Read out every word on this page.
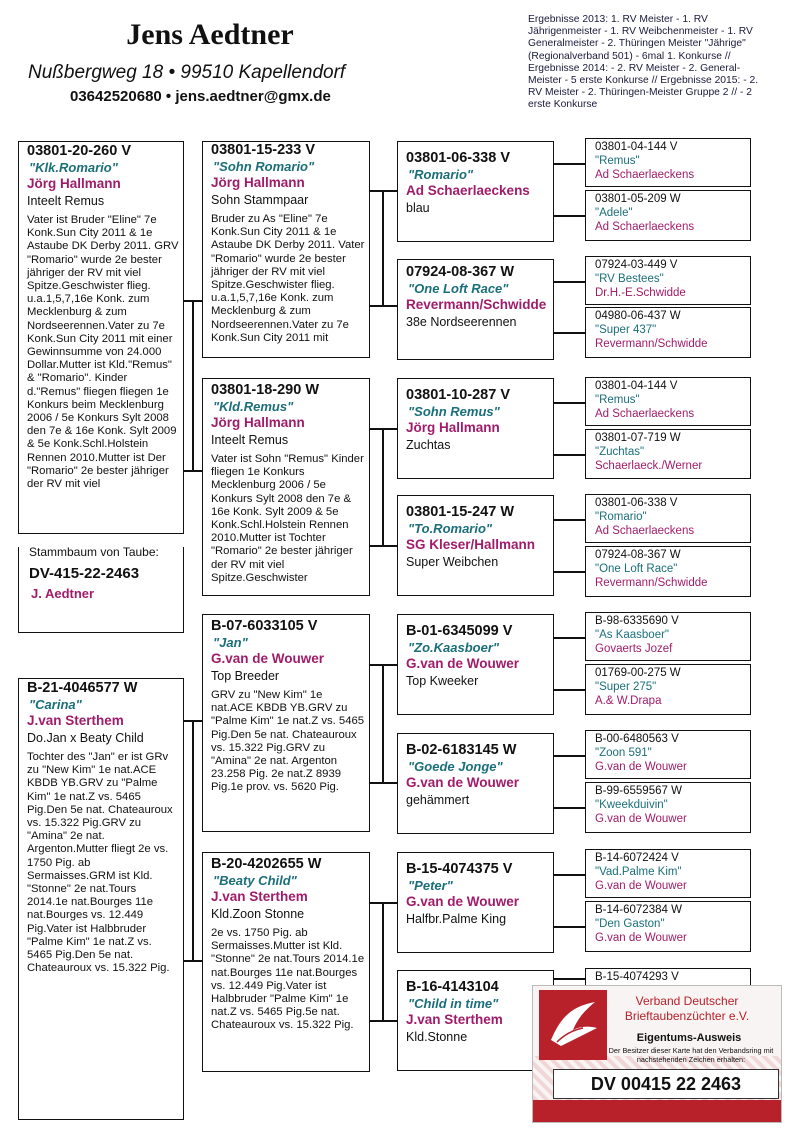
Jens Aedtner
Nußbergweg 18 • 99510 Kapellendorf
03642520680 • jens.aedtner@gmx.de
Ergebnisse 2013: 1. RV Meister - 1. RV Jährigenmeister - 1. RV Weibchenmeister - 1. RV Generalmeister - 2. Thüringen Meister "Jährige" (Regionalverband 501) - 6mal 1. Konkurse // Ergebnisse 2014: - 2. RV Meister - 2. General-Meister - 5 erste Konkurse // Ergebnisse 2015: - 2. RV Meister - 2. Thüringen-Meister Gruppe 2 // - 2 erste Konkurse
03801-20-260 V
"Klk.Romario"
Jörg Hallmann
Inteelt Remus
Vater ist Bruder "Eline" 7e Konk.Sun City 2011 & 1e Astaube DK Derby 2011. GRV "Romario" wurde 2e bester jähriger der RV mit viel Spitze.Geschwister flieg. u.a.1,5,7,16e Konk. zum Mecklenburg & zum Nordseerennen.Vater zu 7e Konk.Sun City 2011 mit einer Gewinnsumme von 24.000 Dollar.Mutter ist Kld."Remus" & "Romario". Kinder d."Remus" fliegen fliegen 1e Konkurs beim Mecklenburg 2006 / 5e Konkurs Sylt 2008 den 7e & 16e Konk. Sylt 2009 & 5e Konk.Schl.Holstein Rennen 2010.Mutter ist Der "Romario" 2e bester jähriger der RV mit viel
Stammbaum von Taube:
DV-415-22-2463
J. Aedtner
B-21-4046577 W
"Carina"
J.van Sterthem
Do.Jan x Beaty Child
Tochter des "Jan" er ist GRv zu "New Kim" 1e nat.ACE KBDB YB.GRV zu "Palme Kim" 1e nat.Z vs. 5465 Pig.Den 5e nat. Chateauroux vs. 15.322 Pig.GRV zu "Amina" 2e nat. Argenton.Mutter fliegt 2e vs. 1750 Pig. ab Sermaisses.GRM ist Kld. "Stonne" 2e nat.Tours 2014.1e nat.Bourges 11e nat.Bourges vs. 12.449 Pig.Vater ist Halbbruder "Palme Kim" 1e nat.Z vs. 5465 Pig.Den 5e nat. Chateauroux vs. 15.322 Pig.
03801-15-233 V
"Sohn Romario"
Jörg Hallmann
Sohn Stammpaar
Bruder zu As "Eline" 7e Konk.Sun City 2011 & 1e Astaube DK Derby 2011. Vater "Romario" wurde 2e bester jähriger der RV mit viel Spitze.Geschwister flieg. u.a.1,5,7,16e Konk. zum Mecklenburg & zum Nordseerennen.Vater zu 7e Konk.Sun City 2011 mit
03801-18-290 W
"Kld.Remus"
Jörg Hallmann
Inteelt Remus
Vater ist Sohn "Remus" Kinder fliegen 1e Konkurs Mecklenburg 2006 / 5e Konkurs Sylt 2008 den 7e & 16e Konk. Sylt 2009 & 5e Konk.Schl.Holstein Rennen 2010.Mutter ist Tochter "Romario" 2e bester jähriger der RV mit viel Spitze.Geschwister
B-07-6033105 V
"Jan"
G.van de Wouwer
Top Breeder
GRV zu "New Kim" 1e nat.ACE KBDB YB.GRV zu "Palme Kim" 1e nat.Z vs. 5465 Pig.Den 5e nat. Chateauroux vs. 15.322 Pig.GRV zu "Amina" 2e nat. Argenton 23.258 Pig. 2e nat.Z 8939 Pig.1e prov. vs. 5620 Pig.
B-20-4202655 W
"Beaty Child"
J.van Sterthem
Kld.Zoon Stonne
2e vs. 1750 Pig. ab Sermaisses.Mutter ist Kld. "Stonne" 2e nat.Tours 2014.1e nat.Bourges 11e nat.Bourges vs. 12.449 Pig.Vater ist Halbbruder "Palme Kim" 1e nat.Z vs. 5465 Pig.5e nat. Chateauroux vs. 15.322 Pig.
03801-06-338 V
"Romario"
Ad Schaerlaeckens
blau
07924-08-367 W
"One Loft Race"
Revermann/Schwidde
38e Nordseerennen
03801-10-287 V
"Sohn Remus"
Jörg Hallmann
Zuchtas
03801-15-247 W
"To.Romario"
SG Kleser/Hallmann
Super Weibchen
B-01-6345099 V
"Zo.Kaasboer"
G.van de Wouwer
Top Kweeker
B-02-6183145 W
"Goede Jonge"
G.van de Wouwer
gehämmert
B-15-4074375 V
"Peter"
G.van de Wouwer
Halfbr.Palme King
B-16-4143104
"Child in time"
J.van Sterthem
Kld.Stonne
03801-04-144 V
"Remus"
Ad Schaerlaeckens
03801-05-209 W
"Adele"
Ad Schaerlaeckens
07924-03-449 V
"RV Bestees"
Dr.H.-E.Schwidde
04980-06-437 W
"Super 437"
Revermann/Schwidde
03801-04-144 V
"Remus"
Ad Schaerlaeckens
03801-07-719 W
"Zuchtas"
Schaerlaeck./Werner
03801-06-338 V
"Romario"
Ad Schaerlaeckens
07924-08-367 W
"One Loft Race"
Revermann/Schwidde
B-98-6335690 V
"As Kaasboer"
Govaerts Jozef
01769-00-275 W
"Super 275"
A.& W.Drapa
B-00-6480563 V
"Zoon 591"
G.van de Wouwer
B-99-6559567 W
"Kweekduivin"
G.van de Wouwer
B-14-6072424 V
"Vad.Palme Kim"
G.van de Wouwer
B-14-6072384 W
"Den Gaston"
G.van de Wouwer
B-15-4074293 V
Verband Deutscher Brieftaubenzüchter e.V.
Eigentums-Ausweis
Der Besitzer dieser Karte hat den Verbandsring mit nachstehenden Zeichen erhalten:
DV 00415 22 2463
